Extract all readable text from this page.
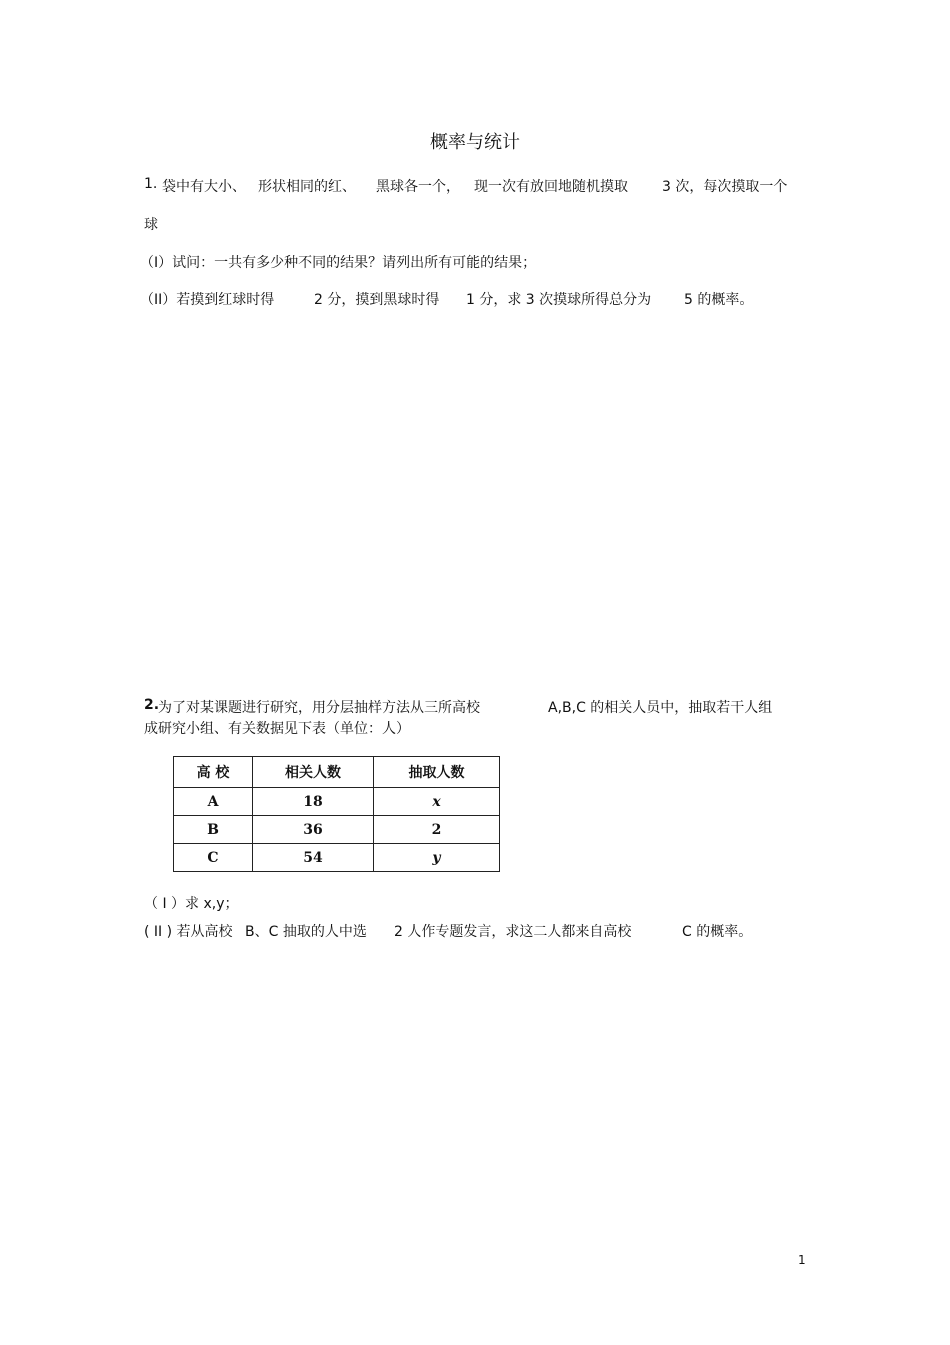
概率与统计
1. 袋中有大小、 形状相同的红、 黑球各一个， 现一次有放回地随机摸取 3 次，每次摸取一个
球
（I）试问：一共有多少种不同的结果？请列出所有可能的结果；
（II）若摸到红球时得	2 分，摸到黑球时得 1 分，求 3 次摸球所得总分为 5 的概率。
2.
为了对某课题进行研究，用分层抽样方法从三所高校	A,B,C 的相关人员中，抽取若干人组
成研究小组、有关数据见下表（单位：人）
高 校	相关人数	抽取人数
A	18	x
B	36	2
C	54	y
（ I ）求 x,y；
( II ) 若从高校 B、C 抽取的人中选 2 人作专题发言，求这二人都来自高校	C 的概率。
1
